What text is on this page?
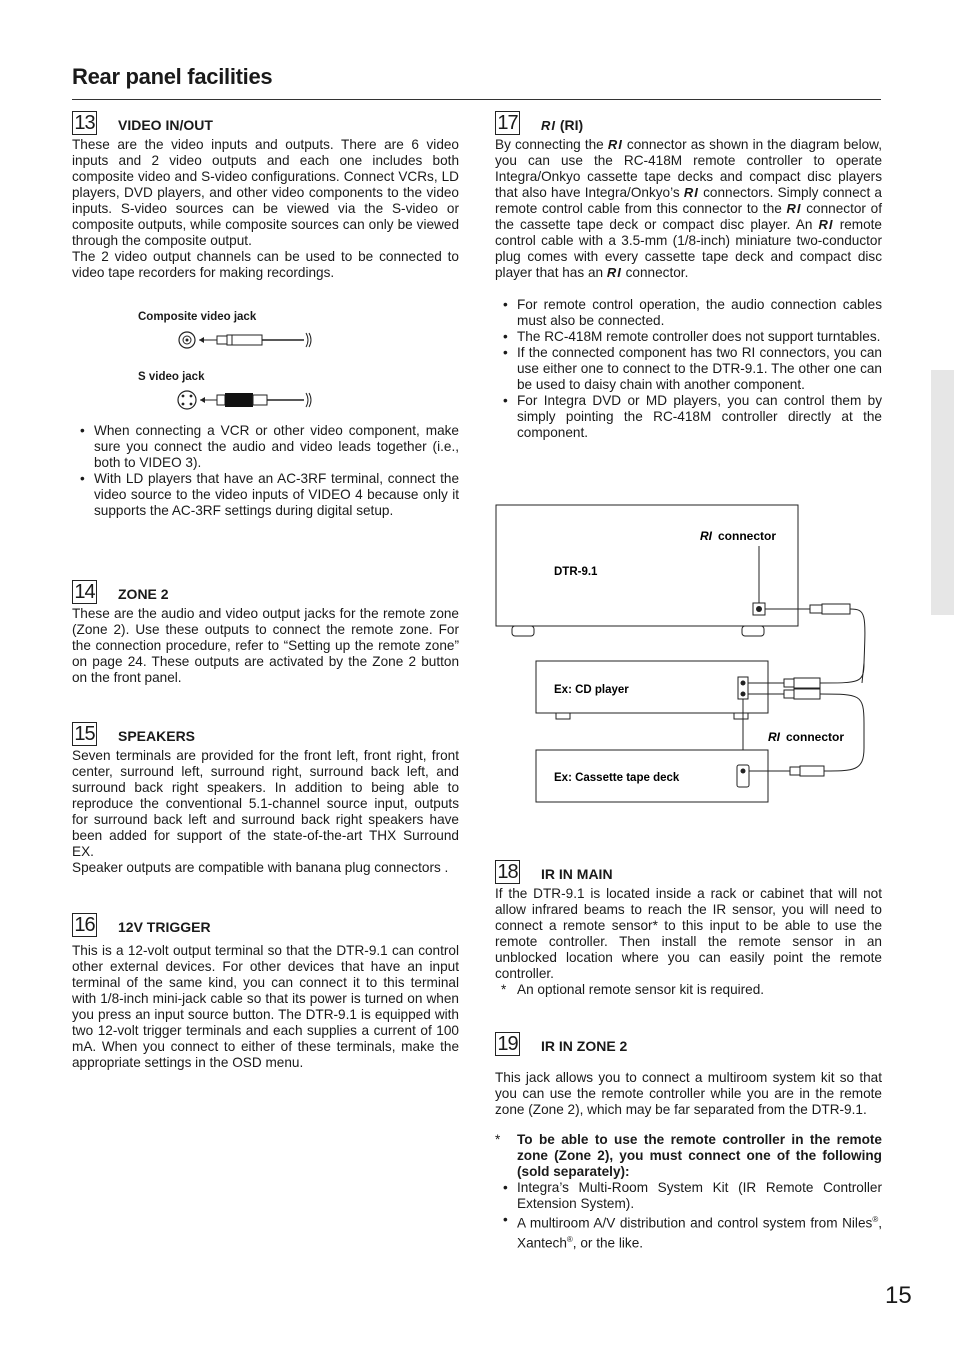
Rear panel facilities
13 VIDEO IN/OUT

These are the video inputs and outputs. There are 6 video inputs and 2 video outputs and each one includes both composite video and S-video configurations. Connect VCRs, LD players, DVD players, and other video components to the video inputs. S-video sources can be viewed via the S-video or composite outputs, while composite sources can only be viewed through the composite output.

The 2 video output channels can be used to be connected to video tape recorders for making recordings.

Composite video jack
S video jack
• When connecting a VCR or other video component, make sure you connect the audio and video leads together (i.e., both to VIDEO 3).
• With LD players that have an AC-3RF terminal, connect the video source to the video inputs of VIDEO 4 because only it supports the AC-3RF settings during digital setup.
14 ZONE 2

These are the audio and video output jacks for the remote zone (Zone 2). Use these outputs to connect the remote zone. For the connection procedure, refer to “Setting up the remote zone” on page 24. These outputs are activated by the Zone 2 button on the front panel.

15 SPEAKERS

Seven terminals are provided for the front left, front right, front center, surround left, surround right, surround back left, and surround back right speakers. In addition to being able to reproduce the conventional 5.1-channel source input, outputs for surround back left and surround back right speakers have been added for support of the state-of-the-art THX Surround EX.

Speaker outputs are compatible with banana plug connectors .

16 12V TRIGGER

This is a 12-volt output terminal so that the DTR-9.1 can control other external devices. For other devices that have an input terminal of the same kind, you can connect it to this terminal with 1/8-inch mini-jack cable so that its power is turned on when you press an input source button. The DTR-9.1 is equipped with two 12-volt trigger terminals and each supplies a current of 100 mA. When you connect to either of these terminals, make the appropriate settings in the OSD menu.

17 RI (RI)

By connecting the RI connector as shown in the diagram below, you can use the RC-418M remote controller to operate Integra/Onkyo cassette tape decks and compact disc players that also have Integra/Onkyo’s RI connectors. Simply connect a remote control cable from this connector to the RI connector of the cassette tape deck or compact disc player. An RI remote control cable with a 3.5-mm (1/8-inch) miniature two-conductor plug comes with every cassette tape deck and compact disc player that has an RI connector.

• For remote control operation, the audio connection cables must also be connected.
• The RC-418M remote controller does not support turntables.
• If the connected component has two RI connectors, you can use either one to connect to the DTR-9.1. The other one can be used to daisy chain with another component.
• For Integra DVD or MD players, you can control them by simply pointing the RC-418M controller directly at the component.
RI connector
DTR-9.1
Ex: CD player
RI connector
Ex: Cassette tape deck
18 IR IN MAIN

If the DTR-9.1 is located inside a rack or cabinet that will not allow infrared beams to reach the IR sensor, you will need to connect a remote sensor* to this input to be able to use the remote controller. Then install the remote sensor in an unblocked location where you can easily point the remote controller.

* An optional remote sensor kit is required.
19 IR IN ZONE 2

This jack allows you to connect a multiroom system kit so that you can use the remote controller while you are in the remote zone (Zone 2), which may be far separated from the DTR-9.1.

* To be able to use the remote controller in the remote zone (Zone 2), you must connect one of the following (sold separately):
• Integra’s Multi-Room System Kit (IR Remote Controller Extension System).
• A multiroom A/V distribution and control system from Niles®, Xantech®, or the like.
15
